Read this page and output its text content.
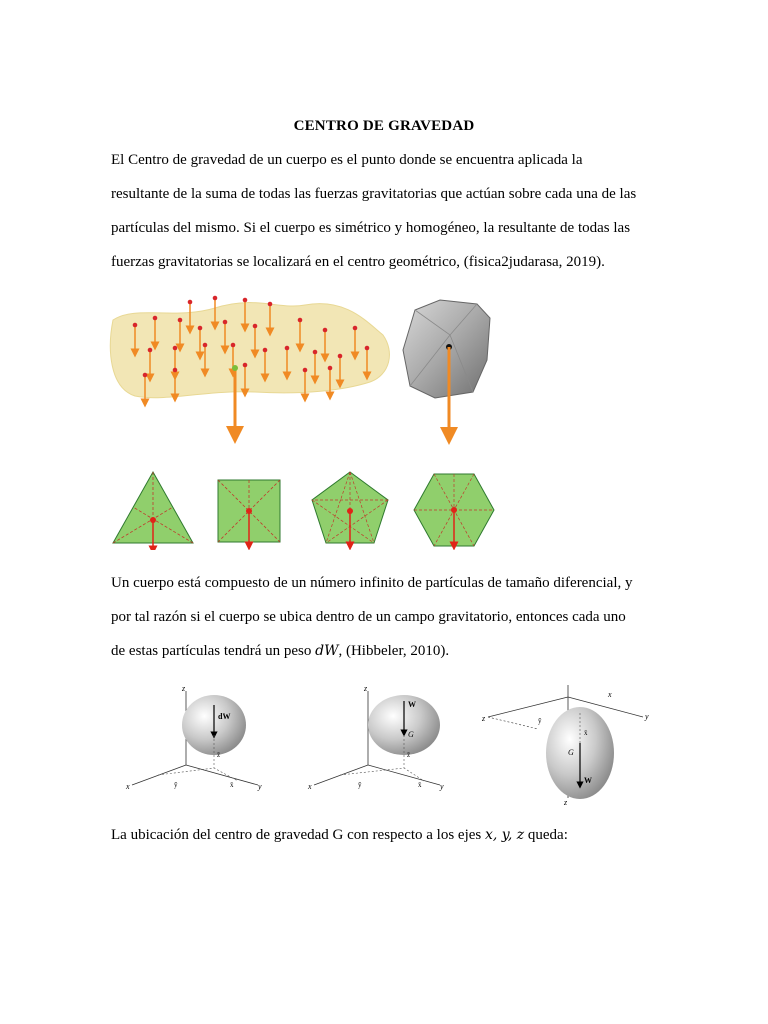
CENTRO DE GRAVEDAD
El Centro de gravedad de un cuerpo es el punto donde se encuentra aplicada la
resultante de la suma de todas las fuerzas gravitatorias que actúan sobre cada una de las
partículas del mismo. Si el cuerpo es simétrico y homogéneo, la resultante de todas las
fuerzas gravitatorias se localizará en el centro geométrico, (fisica2judarasa, 2019).
Un cuerpo está compuesto de un número infinito de partículas de tamaño diferencial, y
por tal razón si el cuerpo se ubica dentro de un campo gravitatorio, entonces cada uno
de estas partículas tendrá un peso dW, (Hibbeler, 2010).
z
x	y
dW
z̄
ȳ	x̄
z
x	y
W
G
z̄
ȳ	x̄
z	y
z
ȳ
x̄
G
W
x
La ubicación del centro de gravedad G con respecto a los ejes x, y, z queda:
